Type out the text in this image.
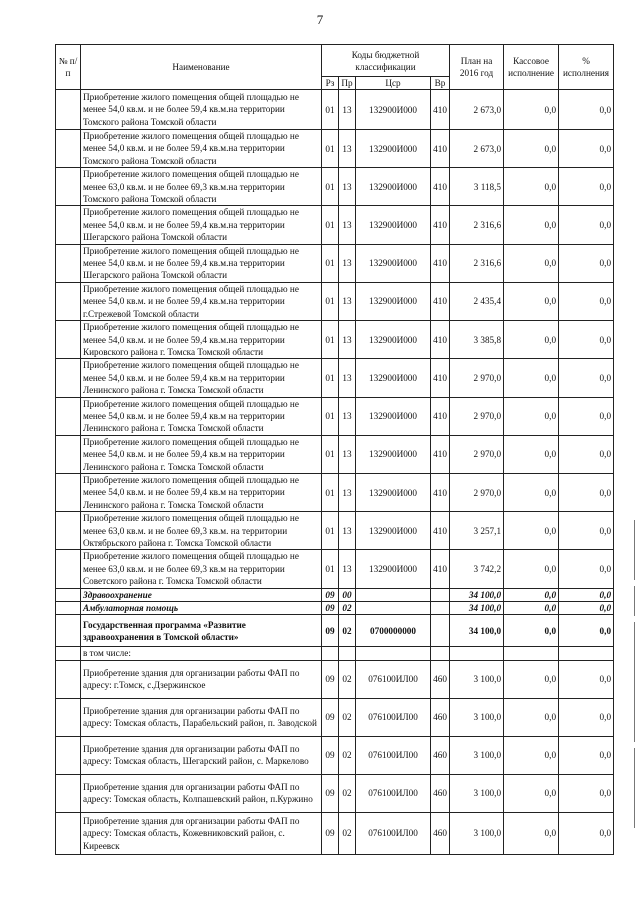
7
№ п/п	Наименование	Коды бюджетной классификации				План на 2016 год	Кассовое исполнение	% исполнения
		Рз	Пр	Цср	Вр			
	Приобретение жилого помещения общей площадью не менее 54,0 кв.м. и не более 59,4 кв.м.на территории Томского района Томской области	01	13	132900И000	410	2 673,0	0,0	0,0
	Приобретение жилого помещения общей площадью не менее 54,0 кв.м. и не более 59,4 кв.м.на территории Томского района Томской области	01	13	132900И000	410	2 673,0	0,0	0,0
	Приобретение жилого помещения общей площадью не менее 63,0 кв.м. и не более 69,3 кв.м.на территории Томского района Томской области	01	13	132900И000	410	3 118,5	0,0	0,0
	Приобретение жилого помещения общей площадью не менее 54,0 кв.м. и не более 59,4 кв.м.на территории Шегарского района Томской области	01	13	132900И000	410	2 316,6	0,0	0,0
	Приобретение жилого помещения общей площадью не менее 54,0 кв.м. и не более 59,4 кв.м.на территории Шегарского района Томской области	01	13	132900И000	410	2 316,6	0,0	0,0
	Приобретение жилого помещения общей площадью не менее 54,0 кв.м. и не более 59,4 кв.м.на территории г.Стрежевой Томской области	01	13	132900И000	410	2 435,4	0,0	0,0
	Приобретение жилого помещения общей площадью не менее 54,0 кв.м. и не более 59,4 кв.м.на территории Кировского района г. Томска Томской области	01	13	132900И000	410	3 385,8	0,0	0,0
	Приобретение жилого помещения общей площадью не менее 54,0 кв.м. и не более 59,4 кв.м на территории Ленинского района г. Томска Томской области	01	13	132900И000	410	2 970,0	0,0	0,0
	Приобретение жилого помещения общей площадью не менее 54,0 кв.м. и не более 59,4 кв.м на территории Ленинского района г. Томска Томской области	01	13	132900И000	410	2 970,0	0,0	0,0
	Приобретение жилого помещения общей площадью не менее 54,0 кв.м. и не более 59,4 кв.м на территории Ленинского района г. Томска Томской области	01	13	132900И000	410	2 970,0	0,0	0,0
	Приобретение жилого помещения общей площадью не менее 54,0 кв.м. и не более 59,4 кв.м на территории Ленинского района г. Томска Томской области	01	13	132900И000	410	2 970,0	0,0	0,0
	Приобретение жилого помещения общей площадью не менее 63,0 кв.м. и не более 69,3 кв.м. на территории Октябрьского района г. Томска Томской области	01	13	132900И000	410	3 257,1	0,0	0,0
	Приобретение жилого помещения общей площадью не менее 63,0 кв.м. и не более 69,3 кв.м на территории Советского района г. Томска Томской области	01	13	132900И000	410	3 742,2	0,0	0,0
	Здравоохранение	09	00			34 100,0	0,0	0,0
	Амбулаторная помощь	09	02			34 100,0	0,0	0,0
	Государственная программа «Развитие здравоохранения в Томской области»	09	02	0700000000		34 100,0	0,0	0,0
	в том числе:							
	Приобретение здания для организации работы ФАП по адресу: г.Томск, с.Дзержинское	09	02	076100ИЛ00	460	3 100,0	0,0	0,0
	Приобретение здания для организации работы ФАП по адресу: Томская область, Парабельский район, п. Заводской	09	02	076100ИЛ00	460	3 100,0	0,0	0,0
	Приобретение здания для организации работы ФАП по адресу: Томская область, Шегарский район, с. Маркелово	09	02	076100ИЛ00	460	3 100,0	0,0	0,0
	Приобретение здания для организации работы ФАП по адресу: Томская область, Колпашевский район, п.Куржино	09	02	076100ИЛ00	460	3 100,0	0,0	0,0
	Приобретение здания для организации работы ФАП по адресу: Томская область, Кожевниковский район, с. Киреевск	09	02	076100ИЛ00	460	3 100,0	0,0	0,0
